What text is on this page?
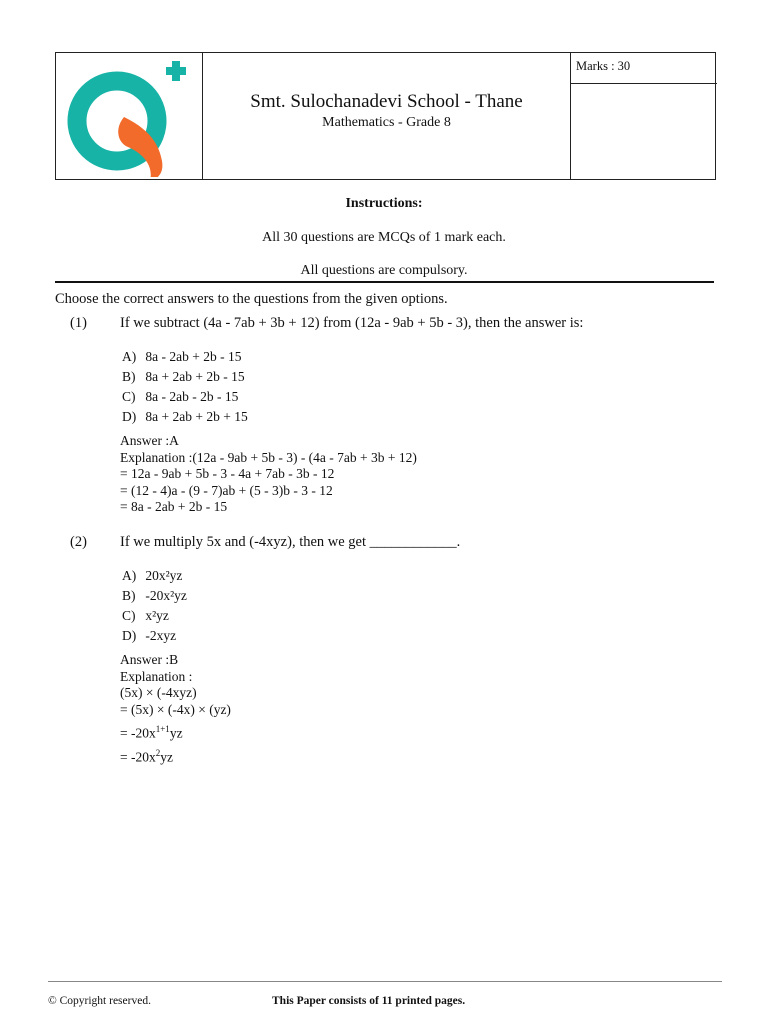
Smt. Sulochanadevi School - Thane
Mathematics - Grade 8
Marks : 30
Instructions:
All 30 questions are MCQs of 1 mark each.
All questions are compulsory.
Choose the correct answers to the questions from the given options.
(1) If we subtract (4a - 7ab + 3b + 12) from (12a - 9ab + 5b - 3), then the answer is:
A) 8a - 2ab + 2b - 15
B) 8a + 2ab + 2b - 15
C) 8a - 2ab - 2b - 15
D) 8a + 2ab + 2b + 15
Answer :A
Explanation :(12a - 9ab + 5b - 3) - (4a - 7ab + 3b + 12)
= 12a - 9ab + 5b - 3 - 4a + 7ab - 3b - 12
= (12 - 4)a - (9 - 7)ab + (5 - 3)b - 3 - 12
= 8a - 2ab + 2b - 15
(2) If we multiply 5x and (-4xyz), then we get ____________.
A) 20x²yz
B) -20x²yz
C) x²yz
D) -2xyz
Answer :B
Explanation :
(5x) × (-4xyz)
= (5x) × (-4x) × (yz)
= $-20x^{1+1}yz$
= $-20x^2yz$
© Copyright reserved.	This Paper consists of 11 printed pages.
